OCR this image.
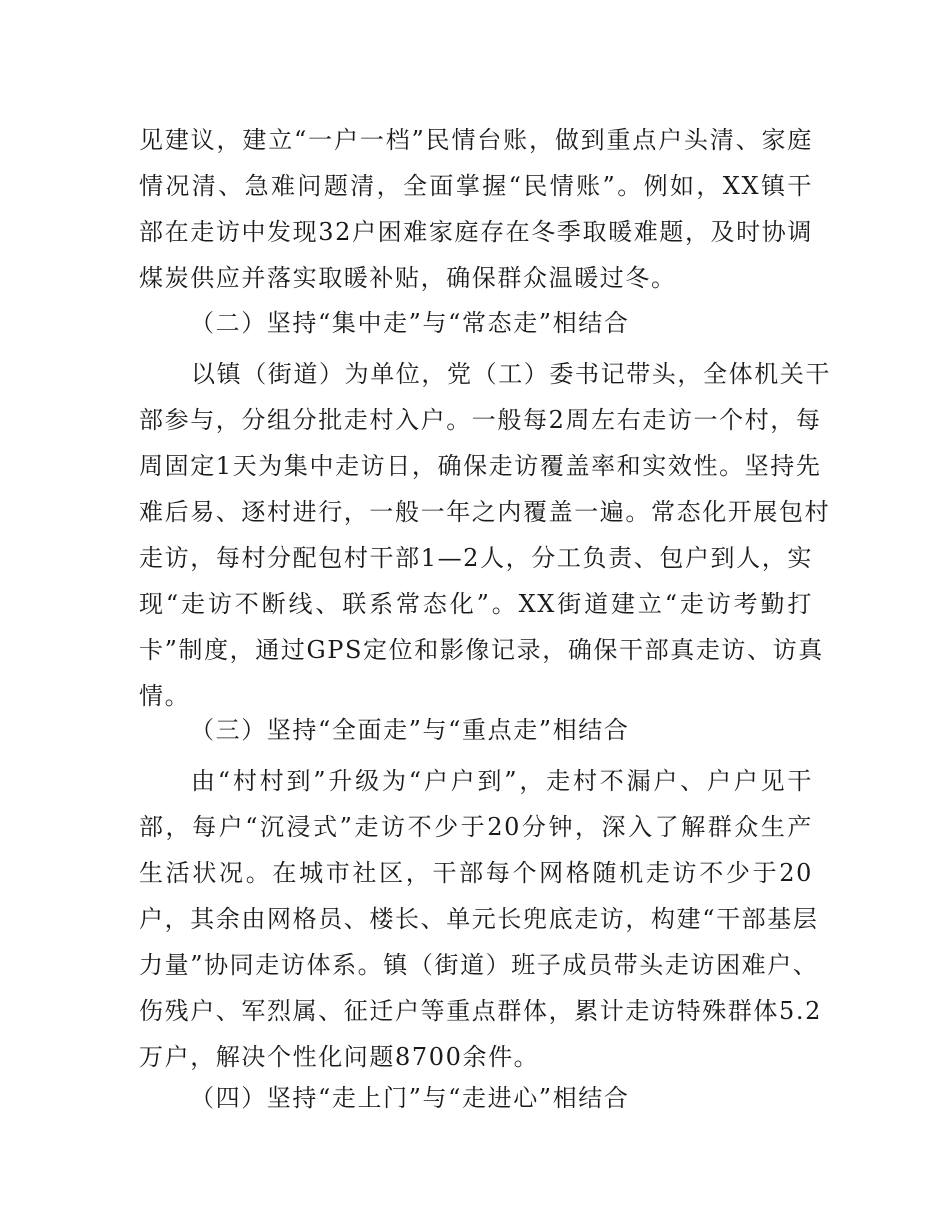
见建议，建立“一户一档”民情台账，做到重点户头清、家庭
情况清、急难问题清，全面掌握“民情账”。例如，XX镇干
部在走访中发现32户困难家庭存在冬季取暖难题，及时协调
煤炭供应并落实取暖补贴，确保群众温暖过冬。
（二）坚持“集中走”与“常态走”相结合
以镇（街道）为单位，党（工）委书记带头，全体机关干
部参与，分组分批走村入户。一般每2周左右走访一个村，每
周固定1天为集中走访日，确保走访覆盖率和实效性。坚持先
难后易、逐村进行，一般一年之内覆盖一遍。常态化开展包村
走访，每村分配包村干部1—2人，分工负责、包户到人，实
现“走访不断线、联系常态化”。XX街道建立“走访考勤打
卡”制度，通过GPS定位和影像记录，确保干部真走访、访真
情。
（三）坚持“全面走”与“重点走”相结合
由“村村到”升级为“户户到”，走村不漏户、户户见干
部，每户“沉浸式”走访不少于20分钟，深入了解群众生产
生活状况。在城市社区，干部每个网格随机走访不少于20
户，其余由网格员、楼长、单元长兜底走访，构建“干部基层
力量”协同走访体系。镇（街道）班子成员带头走访困难户、
伤残户、军烈属、征迁户等重点群体，累计走访特殊群体5.2
万户，解决个性化问题8700余件。
（四）坚持“走上门”与“走进心”相结合
